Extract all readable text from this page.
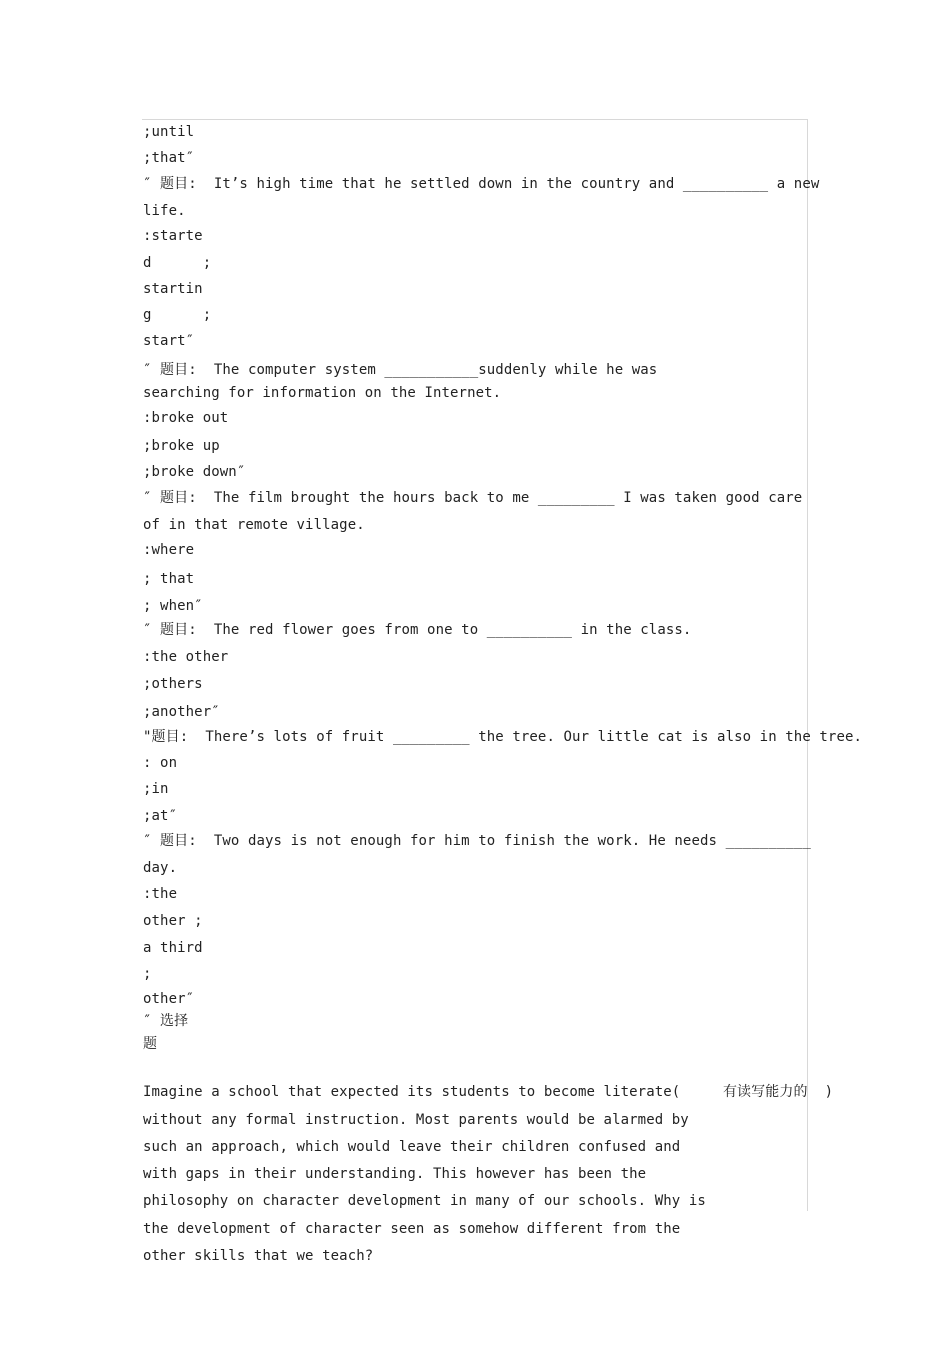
;until
;that″
″ 题目:  It’s high time that he settled down in the country and __________ a new
life.
:starte
d      ;
startin
g      ;
start″
″ 题目:  The computer system ___________suddenly while he was
searching for information on the Internet.
:broke out
;broke up
;broke down″
″ 题目:  The film brought the hours back to me _________ I was taken good care
of in that remote village.
:where
; that
; when″
″ 题目:  The red flower goes from one to __________ in the class.
:the other
;others
;another″
"题目:  There’s lots of fruit _________ the tree. Our little cat is also in the tree.
: on
;in
;at″
″ 题目:  Two days is not enough for him to finish the work. He needs __________
day.
:the
other ;
a third
;
other″
″ 选择
题
Imagine a school that expected its students to become literate(     有读写能力的  )
without any formal instruction. Most parents would be alarmed by
such an approach, which would leave their children confused and
with gaps in their understanding. This however has been the
philosophy on character development in many of our schools. Why is
the development of character seen as somehow different from the
other skills that we teach?
